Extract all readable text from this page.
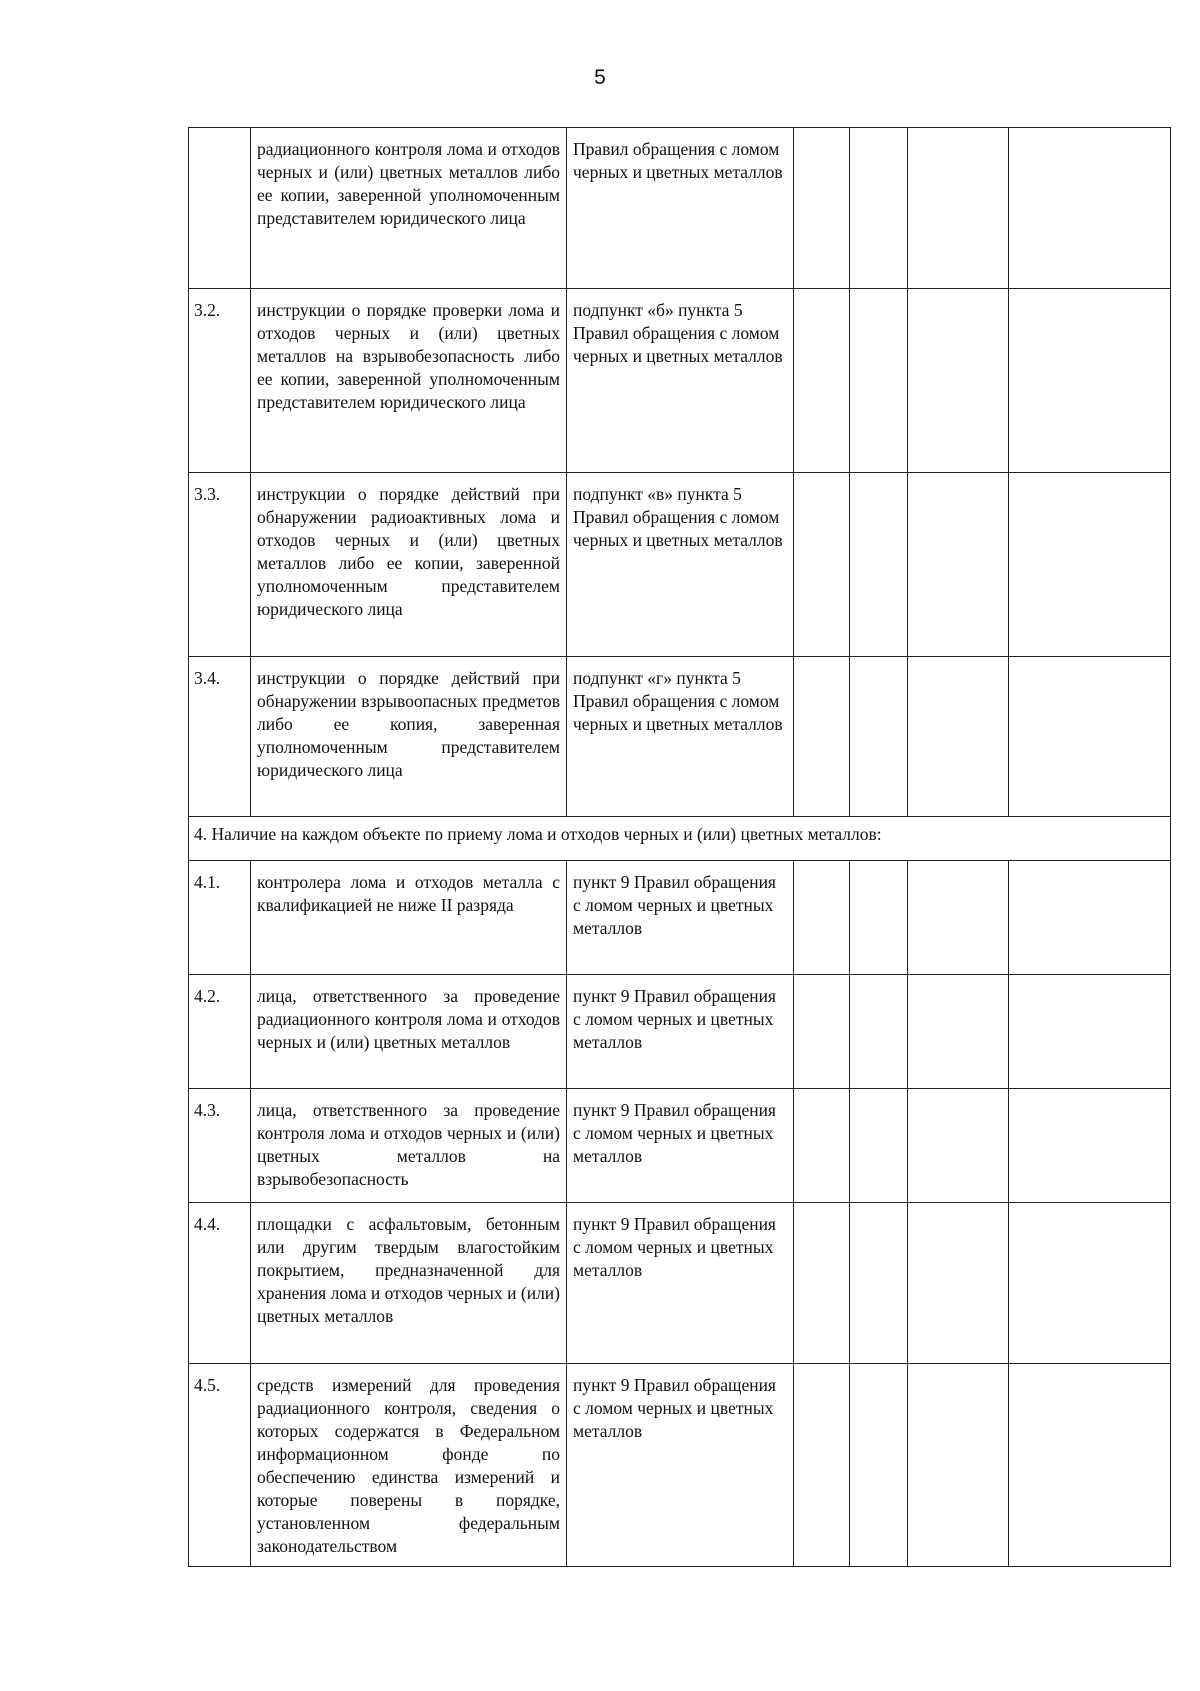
5
	радиационного контроля лома и отходов черных и (или) цветных металлов либо ее копии, заверенной уполномоченным представителем юридического лица	Правил обращения с ломом черных и цветных металлов				
3.2.	инструкции о порядке проверки лома и отходов черных и (или) цветных металлов на взрывобезопасность либо ее копии, заверенной уполномоченным представителем юридического лица	подпункт «б» пункта 5 Правил обращения с ломом черных и цветных металлов				
3.3.	инструкции о порядке действий при обнаружении радиоактивных лома и отходов черных и (или) цветных металлов либо ее копии, заверенной уполномоченным представителем юридического лица	подпункт «в» пункта 5 Правил обращения с ломом черных и цветных металлов				
3.4.	инструкции о порядке действий при обнаружении взрывоопасных предметов либо ее копия, заверенная уполномоченным представителем юридического лица	подпункт «г» пункта 5 Правил обращения с ломом черных и цветных металлов				
4. Наличие на каждом объекте по приему лома и отходов черных и (или) цветных металлов:						
4.1.	контролера лома и отходов металла с квалификацией не ниже II разряда	пункт 9 Правил обращения с ломом черных и цветных металлов				
4.2.	лица, ответственного за проведение радиационного контроля лома и отходов черных и (или) цветных металлов	пункт 9 Правил обращения с ломом черных и цветных металлов				
4.3.	лица, ответственного за проведение контроля лома и отходов черных и (или) цветных металлов на взрывобезопасность	пункт 9 Правил обращения с ломом черных и цветных металлов				
4.4.	площадки с асфальтовым, бетонным или другим твердым влагостойким покрытием, предназначенной для хранения лома и отходов черных и (или) цветных металлов	пункт 9 Правил обращения с ломом черных и цветных металлов				
4.5.	средств измерений для проведения радиационного контроля, сведения о которых содержатся в Федеральном информационном фонде по обеспечению единства измерений и которые поверены в порядке, установленном федеральным законодательством	пункт 9 Правил обращения с ломом черных и цветных металлов				
